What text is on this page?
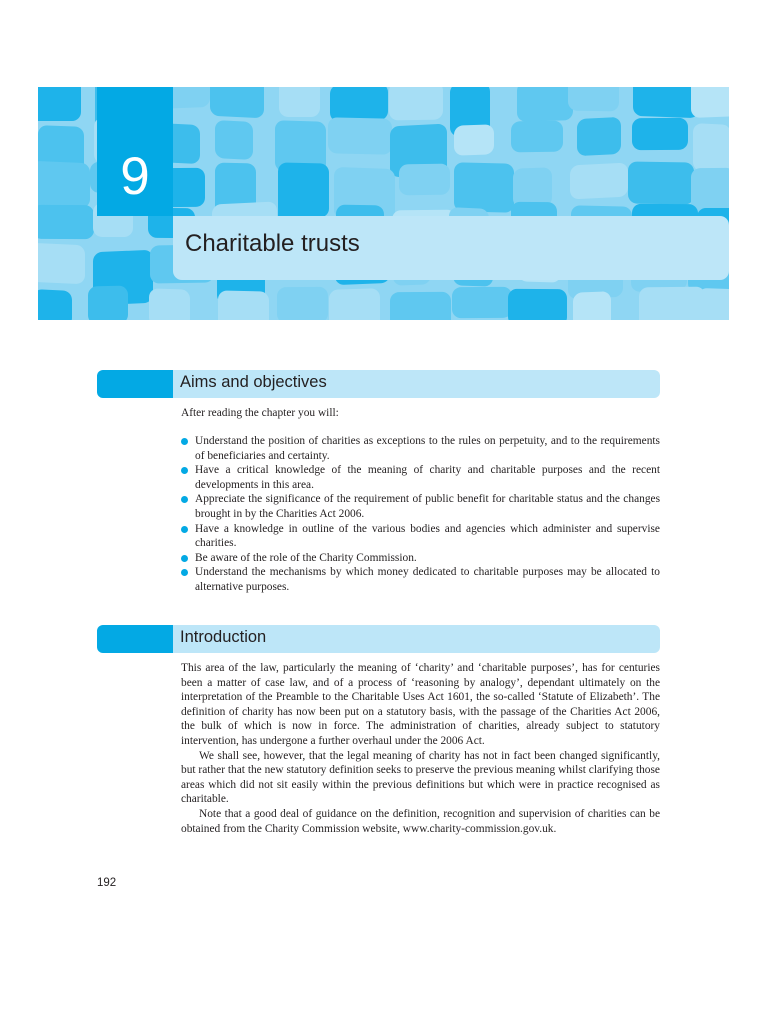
9
Charitable trusts
Aims and objectives
After reading the chapter you will:
Understand the position of charities as exceptions to the rules on perpetuity, and to the requirements of beneficiaries and certainty.
Have a critical knowledge of the meaning of charity and charitable purposes and the recent developments in this area.
Appreciate the significance of the requirement of public benefit for charitable status and the changes brought in by the Charities Act 2006.
Have a knowledge in outline of the various bodies and agencies which administer and supervise charities.
Be aware of the role of the Charity Commission.
Understand the mechanisms by which money dedicated to charitable purposes may be allocated to alternative purposes.
Introduction

This area of the law, particularly the meaning of ‘charity’ and ‘charitable purposes’, has for centuries been a matter of case law, and of a process of ‘reasoning by analogy’, dependant ultimately on the interpretation of the Preamble to the Charitable Uses Act 1601, the so-called ‘Statute of Elizabeth’. The definition of charity has now been put on a statutory basis, with the passage of the Charities Act 2006, the bulk of which is now in force. The administration of charities, already subject to statutory intervention, has undergone a further overhaul under the 2006 Act.

We shall see, however, that the legal meaning of charity has not in fact been changed significantly, but rather that the new statutory definition seeks to preserve the previous meaning whilst clarifying those areas which did not sit easily within the previous definitions but which were in practice recognised as charitable.

Note that a good deal of guidance on the definition, recognition and supervision of charities can be obtained from the Charity Commission website, www.charity-commission.gov.uk.

192
